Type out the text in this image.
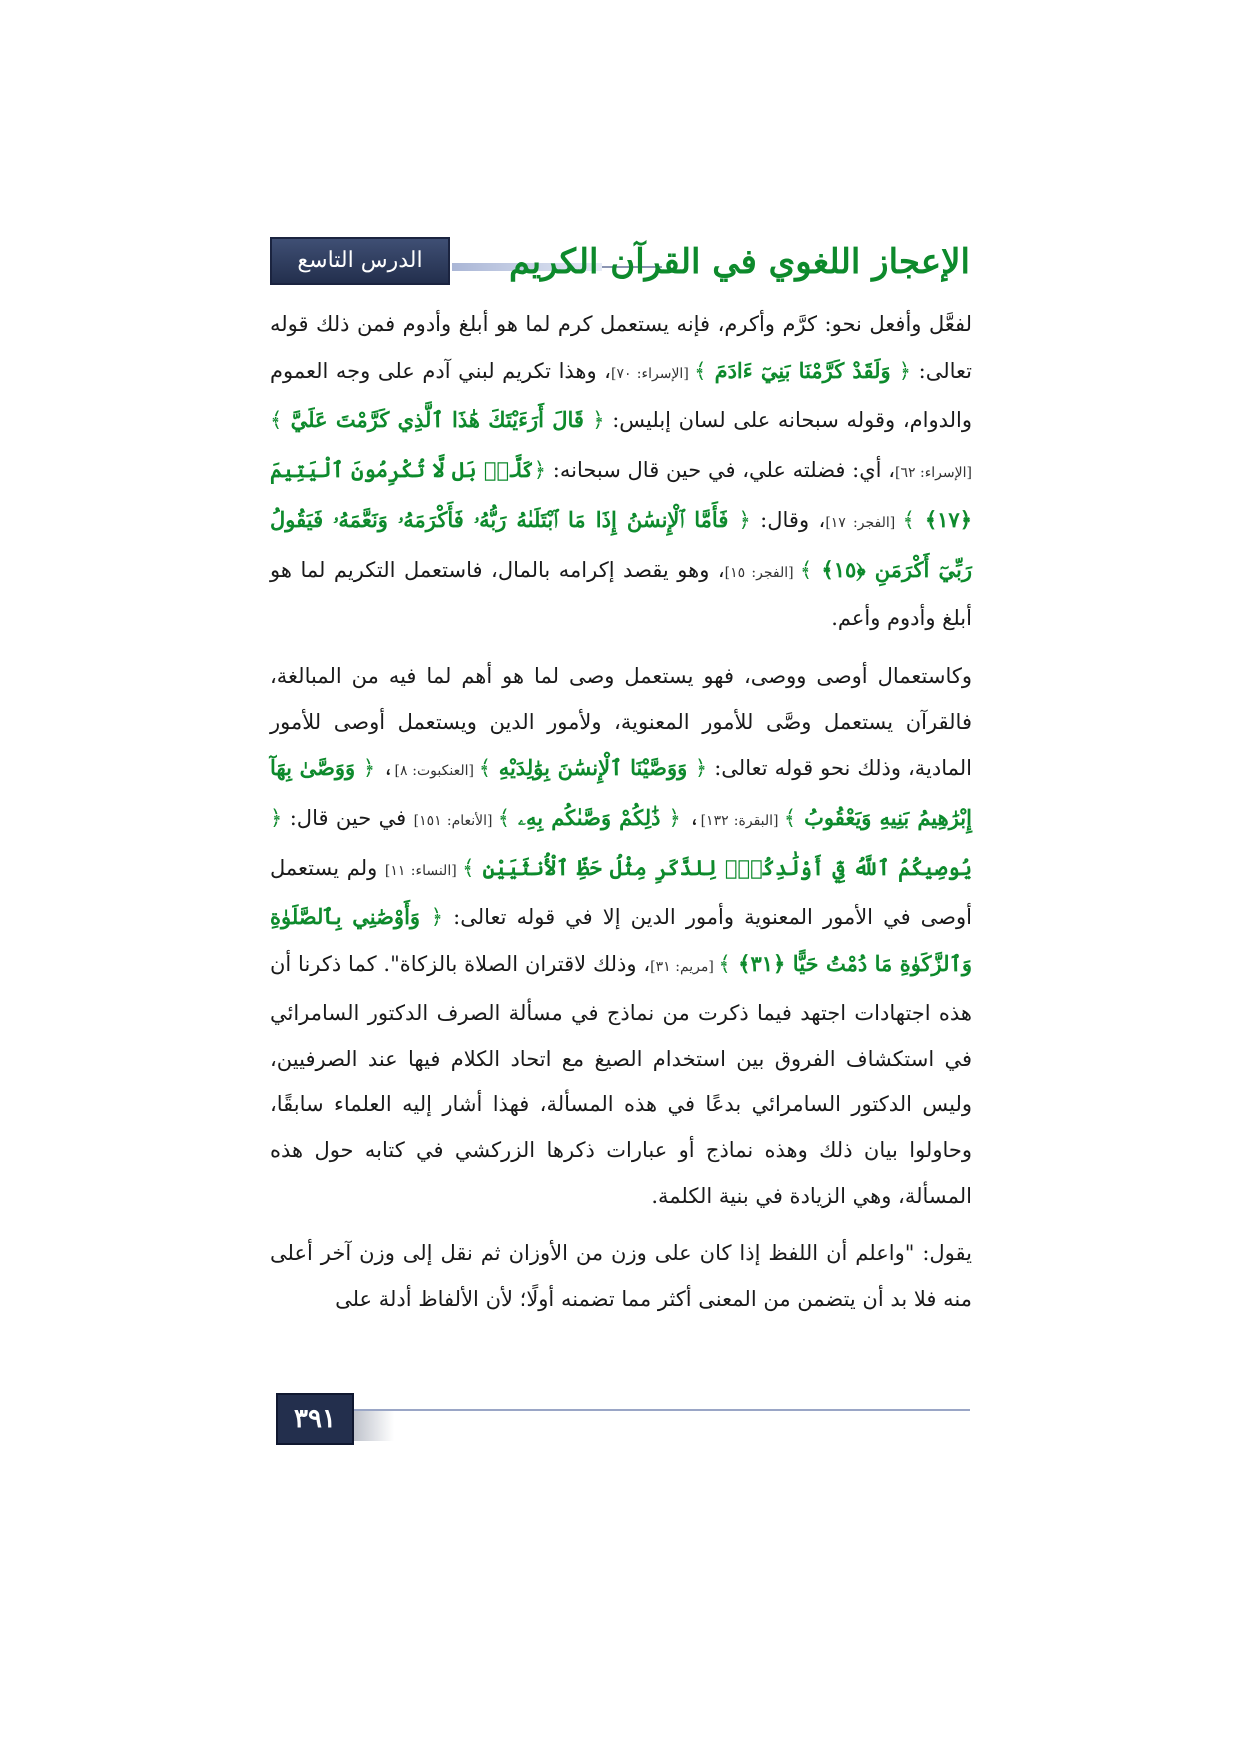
الدرس التاسع عشر
الإعجاز اللغوي في القرآن الكريم

لفعَّل وأفعل نحو: كرَّم وأكرم، فإنه يستعمل كرم لما هو أبلغ وأدوم فمن ذلك قوله تعالى: ﴿ وَلَقَدْ كَرَّمْنَا بَنِيٓ ءَادَمَ ﴾ [الإسراء: ٧٠]، وهذا تكريم لبني آدم على وجه العموم والدوام، وقوله سبحانه على لسان إبليس: ﴿ قَالَ أَرَءَيْتَكَ هَٰذَا ٱلَّذِي كَرَّمْتَ عَلَيَّ ﴾ [الإسراء: ٦٢]، أي: فضلته علي، في حين قال سبحانه: ﴿كَلَّاۖ بَل لَّا تُكْرِمُونَ ٱلْيَتِيمَ ﴿١٧﴾ ﴾ [الفجر: ١٧]، وقال: ﴿ فَأَمَّا ٱلْإِنسَٰنُ إِذَا مَا ٱبْتَلَىٰهُ رَبُّهُۥ فَأَكْرَمَهُۥ وَنَعَّمَهُۥ فَيَقُولُ رَبِّيٓ أَكْرَمَنِ ﴿١٥﴾ ﴾ [الفجر: ١٥]، وهو يقصد إكرامه بالمال، فاستعمل التكريم لما هو أبلغ وأدوم وأعم.

وكاستعمال أوصى ووصى، فهو يستعمل وصى لما هو أهم لما فيه من المبالغة، فالقرآن يستعمل وصَّى للأمور المعنوية، ولأمور الدين ويستعمل أوصى للأمور المادية، وذلك نحو قوله تعالى: ﴿ وَوَصَّيْنَا ٱلْإِنسَٰنَ بِوَٰلِدَيْهِ ﴾ [العنكبوت: ٨]، ﴿ وَوَصَّىٰ بِهَآ إِبْرَٰهِيمُ بَنِيهِ وَيَعْقُوبُ ﴾ [البقرة: ١٣٢]، ﴿ ذَٰلِكُمْ وَصَّىٰكُم بِهِۦ ﴾ [الأنعام: ١٥١] في حين قال: ﴿ يُوصِيكُمُ ٱللَّهُ فِيٓ أَوْلَٰدِكُمْۖ لِلذَّكَرِ مِثْلُ حَظِّ ٱلْأُنثَيَيْنِ ﴾ [النساء: ١١] ولم يستعمل أوصى في الأمور المعنوية وأمور الدين إلا في قوله تعالى: ﴿ وَأَوْصَٰنِي بِٱلصَّلَوٰةِ وَٱلزَّكَوٰةِ مَا دُمْتُ حَيًّا ﴿٣١﴾ ﴾ [مريم: ٣١]، وذلك لاقتران الصلاة بالزكاة". كما ذكرنا أن هذه اجتهادات اجتهد فيما ذكرت من نماذج في مسألة الصرف الدكتور السامرائي في استكشاف الفروق بين استخدام الصيغ مع اتحاد الكلام فيها عند الصرفيين، وليس الدكتور السامرائي بدعًا في هذه المسألة، فهذا أشار إليه العلماء سابقًا، وحاولوا بيان ذلك وهذه نماذج أو عبارات ذكرها الزركشي في كتابه حول هذه المسألة، وهي الزيادة في بنية الكلمة.

يقول: "واعلم أن اللفظ إذا كان على وزن من الأوزان ثم نقل إلى وزن آخر أعلى منه فلا بد أن يتضمن من المعنى أكثر مما تضمنه أولًا؛ لأن الألفاظ أدلة على

٣٩١
